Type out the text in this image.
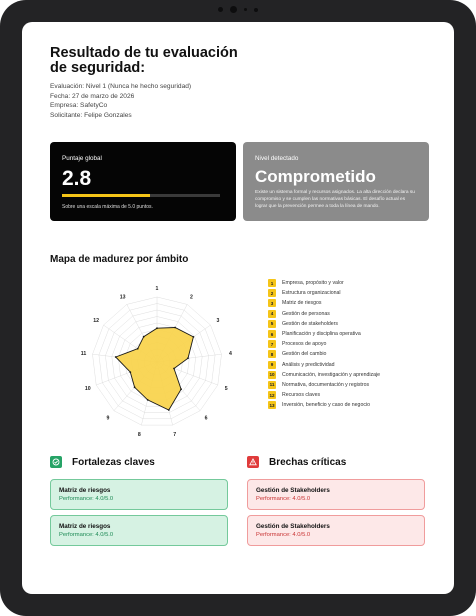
Resultado de tu evaluación
de seguridad:
Evaluación: Nivel 1 (Nunca he hecho seguridad)
Fecha: 27 de marzo de 2026
Empresa: SafetyCo
Solicitante: Felipe Gonzales
Puntaje global
2.8
Sobre una escala máxima de 5.0 puntos.
Nivel detectado
Comprometido
Existe un sistema formal y recursos asignados. La alta dirección declara su compromiso y se cumplen las normativas básicas. El desafío actual es lograr que la prevención permee a toda la línea de mando.
Mapa de madurez por ámbito
1
2
3
4
5
6
7
8
9
10
11
12
13
1	Empresa, propósito y valor
2	Estructura organizacional
3	Matriz de riesgos
4	Gestión de personas
5	Gestión de stakeholders
6	Planificación y disciplina operativa
7	Procesos de apoyo
8	Gestión del cambio
9	Análisis y predictividad
10 Comunicación, investigación y aprendizaje
11	Normativa, documentación y registros
12 Recursos claves
13 Inversión, beneficio y caso de negocio
Fortalezas claves	Brechas críticas
Matriz de riesgos
Performance: 4.0/5.0
Matriz de riesgos
Performance: 4.0/5.0
Gestión de Stakeholders
Performance: 4.0/5.0
Gestión de Stakeholders
Performance: 4.0/5.0
